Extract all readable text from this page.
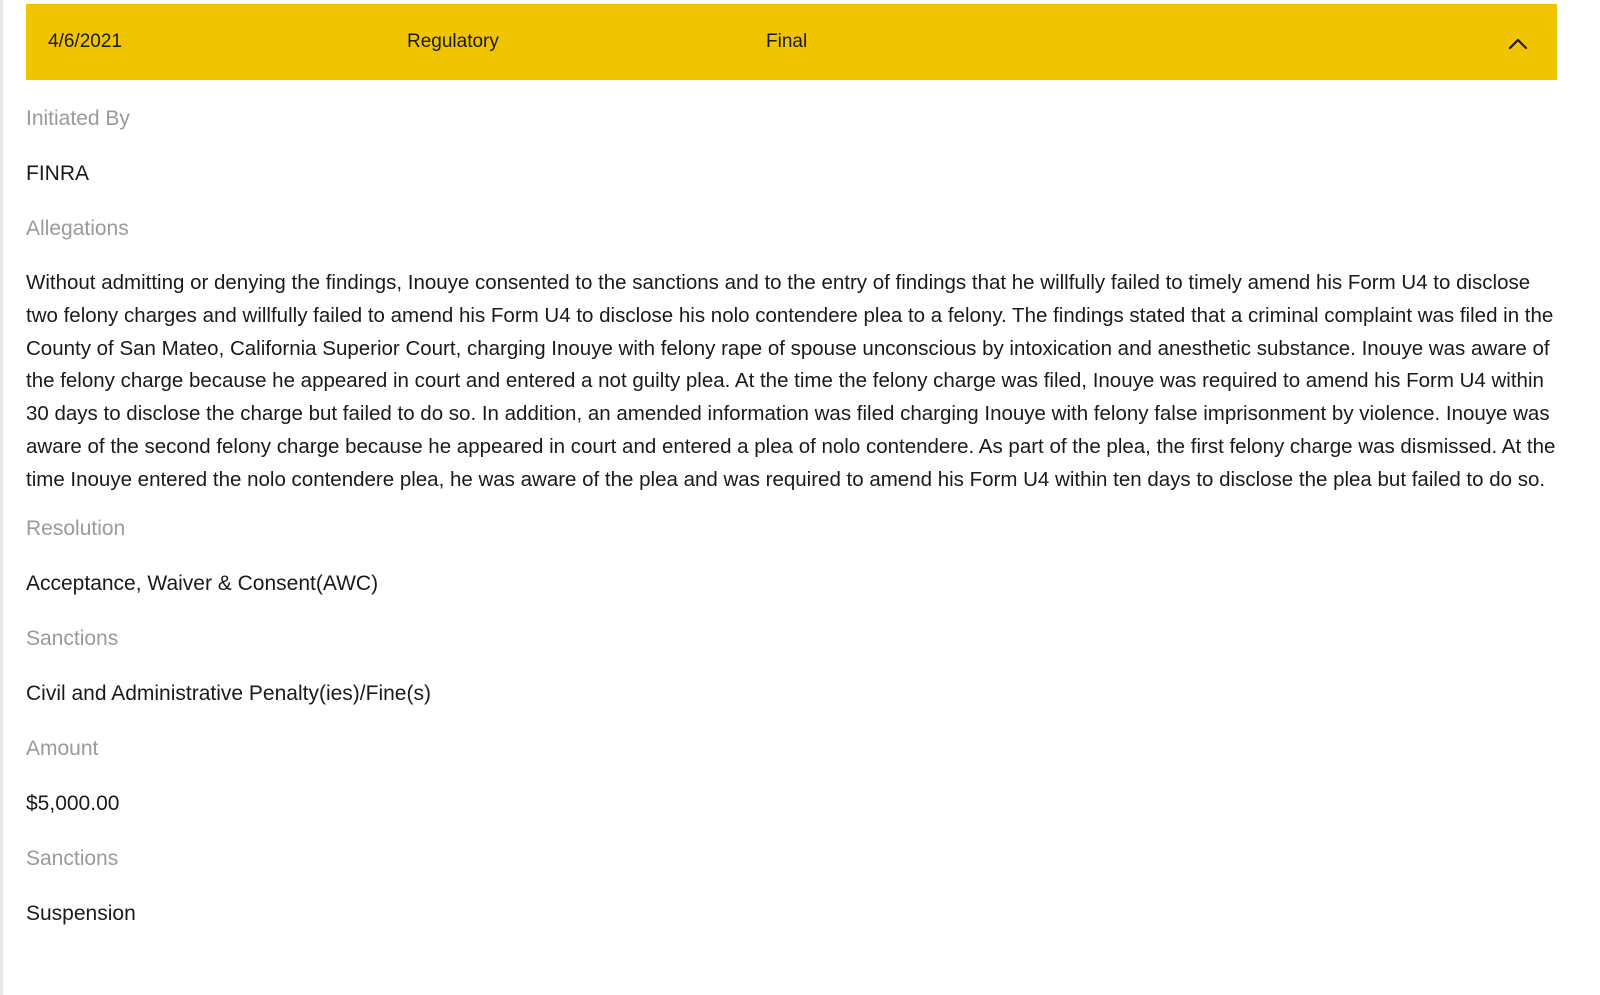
4/6/2021	Regulatory	Final
Initiated By
FINRA
Allegations
Without admitting or denying the findings, Inouye consented to the sanctions and to the entry of findings that he willfully failed to timely amend his Form U4 to disclose two felony charges and willfully failed to amend his Form U4 to disclose his nolo contendere plea to a felony. The findings stated that a criminal complaint was filed in the County of San Mateo, California Superior Court, charging Inouye with felony rape of spouse unconscious by intoxication and anesthetic substance. Inouye was aware of the felony charge because he appeared in court and entered a not guilty plea. At the time the felony charge was filed, Inouye was required to amend his Form U4 within 30 days to disclose the charge but failed to do so. In addition, an amended information was filed charging Inouye with felony false imprisonment by violence. Inouye was aware of the second felony charge because he appeared in court and entered a plea of nolo contendere. As part of the plea, the first felony charge was dismissed. At the time Inouye entered the nolo contendere plea, he was aware of the plea and was required to amend his Form U4 within ten days to disclose the plea but failed to do so.
Resolution
Acceptance, Waiver & Consent(AWC)
Sanctions
Civil and Administrative Penalty(ies)/Fine(s)
Amount
$5,000.00
Sanctions
Suspension
